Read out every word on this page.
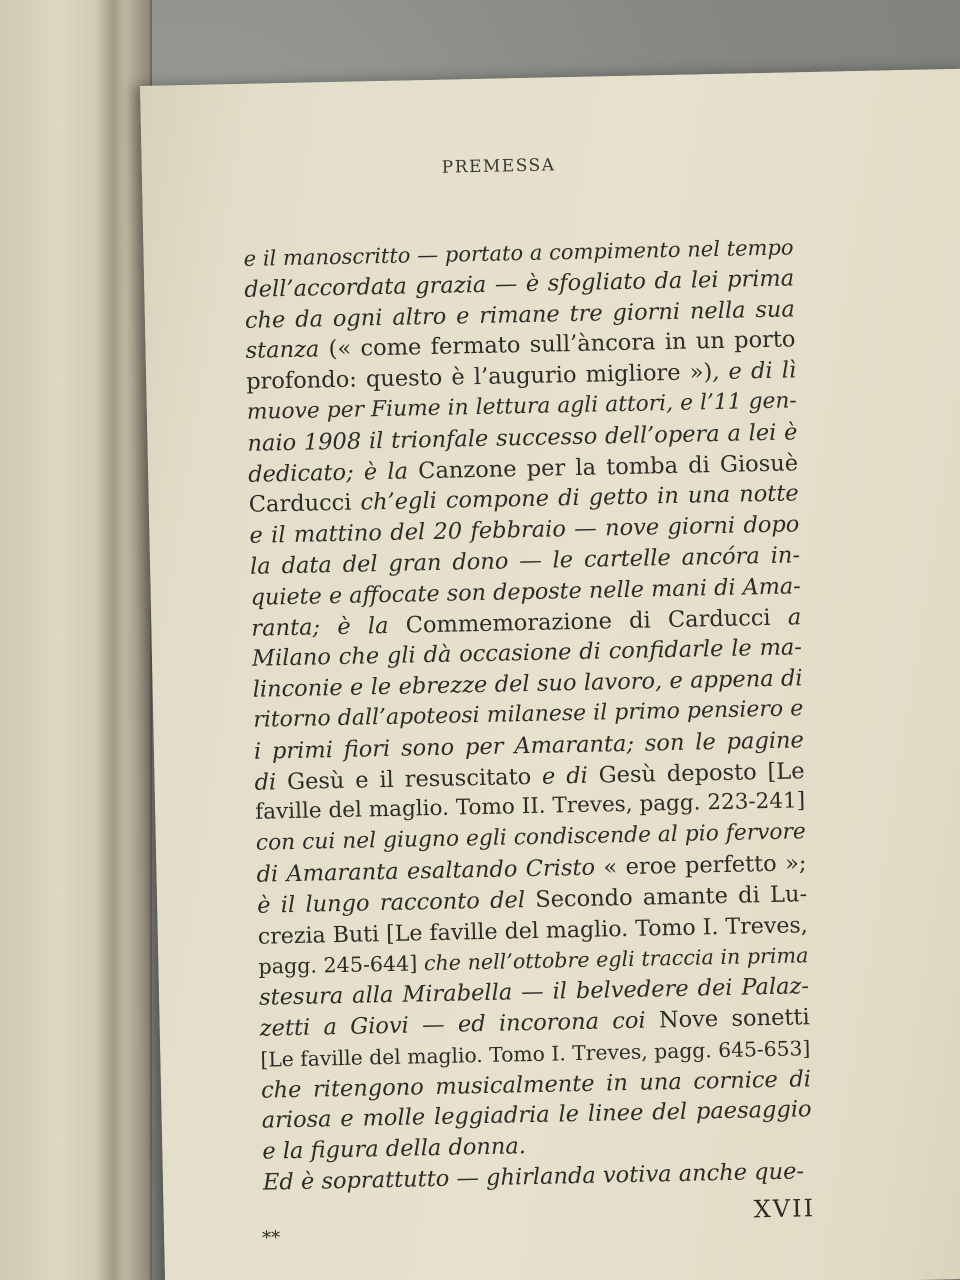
PREMESSA
e il manoscritto — portato a compimento nel tempo
dell’accordata grazia — è sfogliato da lei prima
che da ogni altro e rimane tre giorni nella sua
stanza (« come fermato sull’àncora in un porto
profondo: questo è l’augurio migliore »), e di lì
muove per Fiume in lettura agli attori, e l’11 gen-
naio 1908 il trionfale successo dell’opera a lei è
dedicato; è la Canzone per la tomba di Giosuè
Carducci ch’egli compone di getto in una notte
e il mattino del 20 febbraio — nove giorni dopo
la data del gran dono — le cartelle ancóra in-
quiete e affocate son deposte nelle mani di Ama-
ranta; è la Commemorazione di Carducci a
Milano che gli dà occasione di confidarle le ma-
linconie e le ebrezze del suo lavoro, e appena di
ritorno dall’apoteosi milanese il primo pensiero e
i primi fiori sono per Amaranta; son le pagine
di Gesù e il resuscitato e di Gesù deposto [Le
faville del maglio. Tomo II. Treves, pagg. 223-241]
con cui nel giugno egli condiscende al pio fervore
di Amaranta esaltando Cristo « eroe perfetto »;
è il lungo racconto del Secondo amante di Lu-
crezia Buti [Le faville del maglio. Tomo I. Treves,
pagg. 245-644] che nell’ottobre egli traccia in prima
stesura alla Mirabella — il belvedere dei Palaz-
zetti a Giovi — ed incorona coi Nove sonetti
[Le faville del maglio. Tomo I. Treves, pagg. 645-653]
che ritengono musicalmente in una cornice di
ariosa e molle leggiadria le linee del paesaggio
e la figura della donna.
Ed è soprattutto — ghirlanda votiva anche que-
**
XVII
